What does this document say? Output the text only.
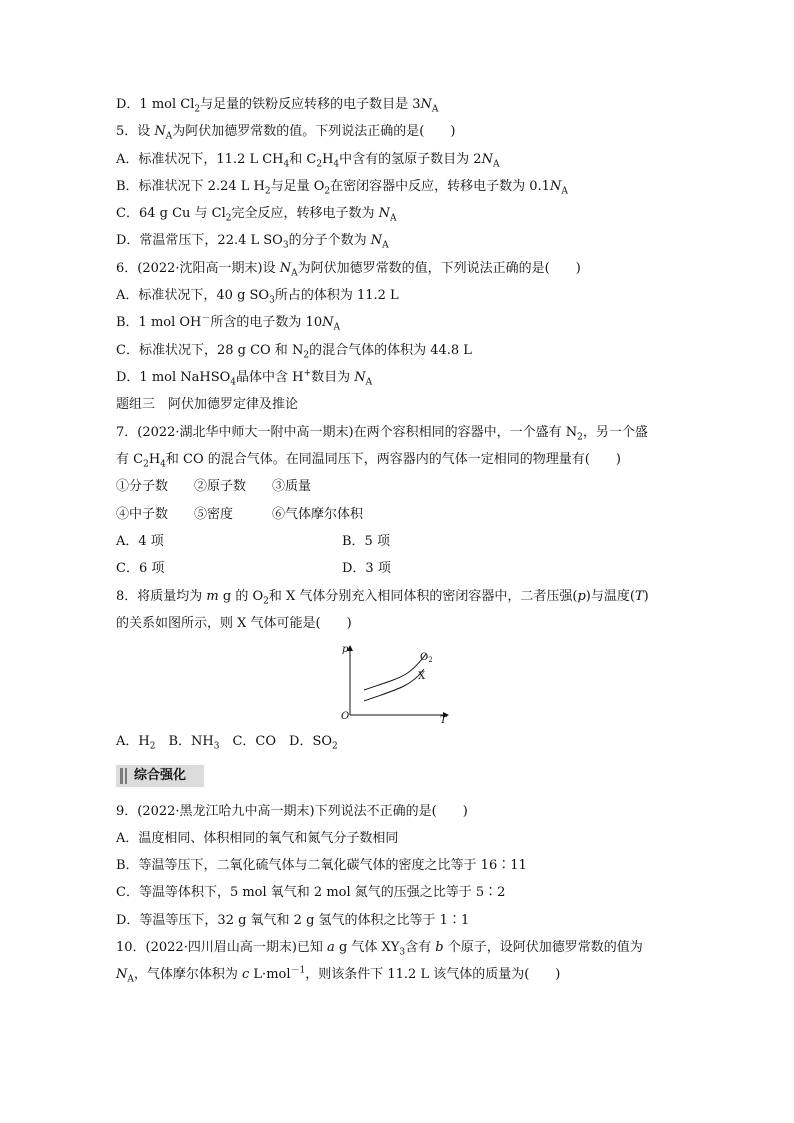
D．1 mol $Cl_2$与足量的铁粉反应转移的电子数目是 $3N_A$
5．设 $N_A$为阿伏加德罗常数的值。下列说法正确的是(　　)
A．标准状况下，11.2 L $CH_4$和 $C_2H_4$中含有的氢原子数目为 $2N_A$
B．标准状况下 2.24 L $H_2$与足量 $O_2$在密闭容器中反应，转移电子数为 $0.1N_A$
C．64 g Cu 与 $Cl_2$完全反应，转移电子数为 $N_A$
D．常温常压下，22.4 L $SO_3$的分子个数为 $N_A$
6．(2022·沈阳高一期末)设 $N_A$为阿伏加德罗常数的值，下列说法正确的是(　　)
A．标准状况下，40 g $SO_3$所占的体积为 11.2 L
B．1 mol OH－所含的电子数为 $10N_A$
C．标准状况下，28 g CO 和 $N_2$的混合气体的体积为 44.8 L
D．1 mol NaHSO$_4$晶体中含 H+数目为 $N_A$
题组三　阿伏加德罗定律及推论
7．(2022·湖北华中师大一附中高一期末)在两个容积相同的容器中，一个盛有 $N_2$，另一个盛
有 $C_2H_4$和 CO 的混合气体。在同温同压下，两容器内的气体一定相同的物理量有(　　)
①分子数　　②原子数　　③质量
④中子数　　⑤密度　　　⑥气体摩尔体积
A．4 项	B．5 项
C．6 项	D．3 项
8．将质量均为 m g 的 $O_2$和 X 气体分别充入相同体积的密闭容器中，二者压强(p)与温度(T)
的关系如图所示，则 X 气体可能是(　　)
p
T
O
$O_2$
X
A．$H_2$　B．$NH_3$　C．CO　D．$SO_2$
综合强化
9．(2022·黑龙江哈九中高一期末)下列说法不正确的是(　　)
A．温度相同、体积相同的氧气和氮气分子数相同
B．等温等压下，二氧化硫气体与二氧化碳气体的密度之比等于 16∶11
C．等温等体积下，5 mol 氧气和 2 mol 氮气的压强之比等于 5∶2
D．等温等压下，32 g 氧气和 2 g 氢气的体积之比等于 1∶1
10．(2022·四川眉山高一期末)已知 a g 气体 $XY_3$含有 b 个原子，设阿伏加德罗常数的值为
$N_A$，气体摩尔体积为 c L·mol$^{-1}$，则该条件下 11.2 L 该气体的质量为(　　)
